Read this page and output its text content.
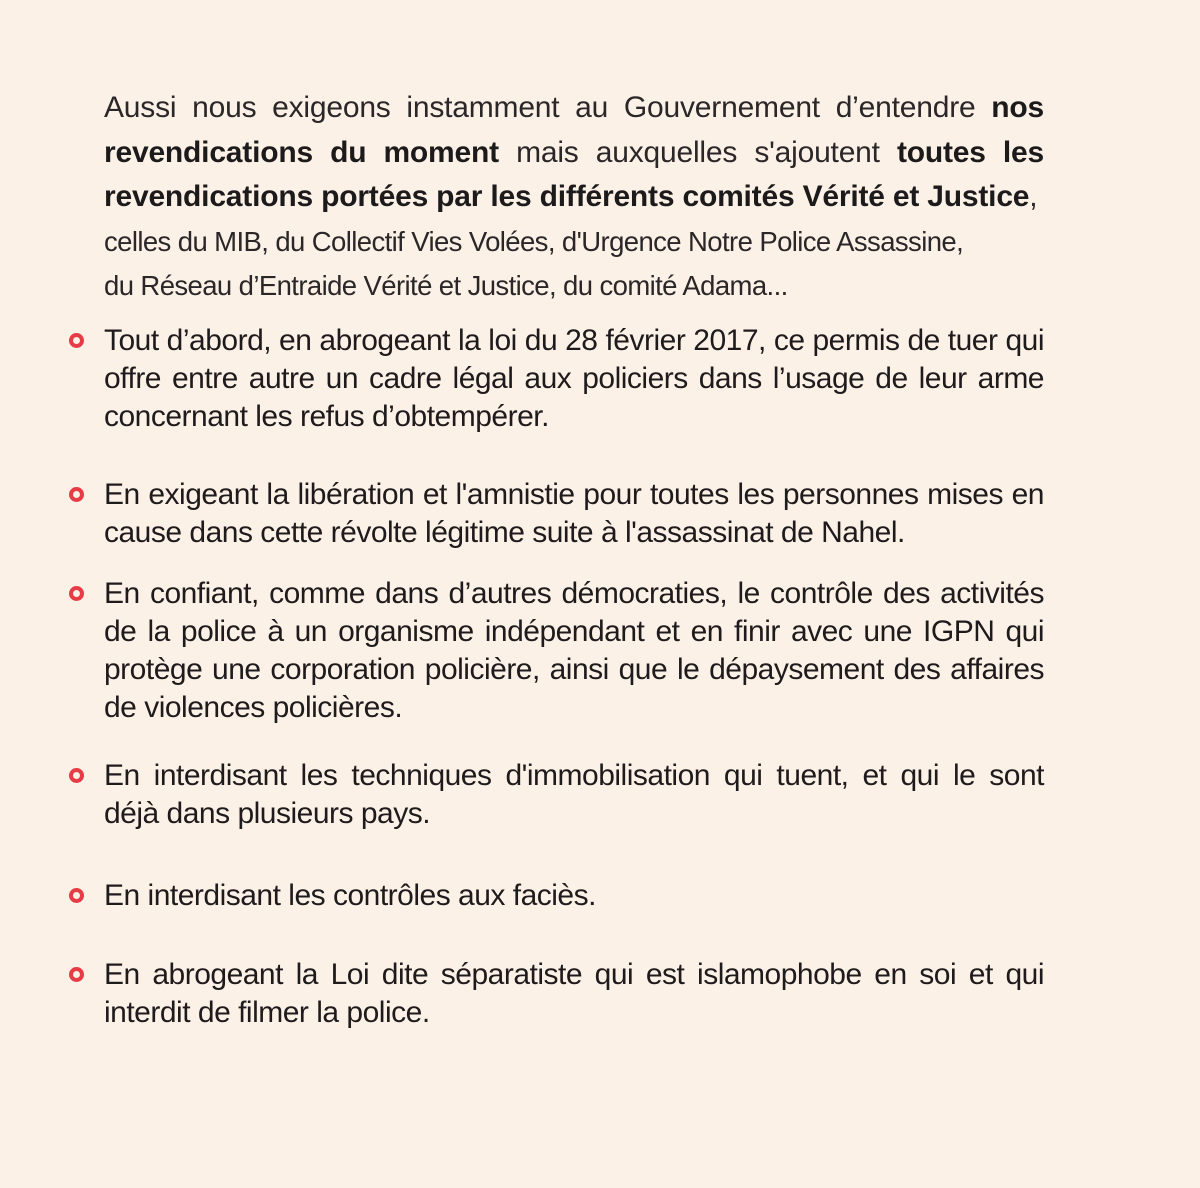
Aussi nous exigeons instamment au Gouvernement d’entendre nos revendications du moment mais auxquelles s'ajoutent toutes les revendications portées par les différents comités Vérité et Justice,
celles du MIB, du Collectif Vies Volées, d'Urgence Notre Police Assassine,
du Réseau d’Entraide Vérité et Justice, du comité Adama...

Tout d’abord, en abrogeant la loi du 28 février 2017, ce permis de tuer qui offre entre autre un cadre légal aux policiers dans l’usage de leur arme concernant les refus d’obtempérer.

En exigeant la libération et l'amnistie pour toutes les personnes mises en cause dans cette révolte légitime suite à l'assassinat de Nahel.

En confiant, comme dans d’autres démocraties, le contrôle des activités de la police à un organisme indépendant et en finir avec une IGPN qui protège une corporation policière, ainsi que le dépaysement des affaires de violences policières.

En interdisant les techniques d'immobilisation qui tuent, et qui le sont déjà dans plusieurs pays.

En interdisant les contrôles aux faciès.

En abrogeant la Loi dite séparatiste qui est islamophobe en soi et qui interdit de filmer la police.
